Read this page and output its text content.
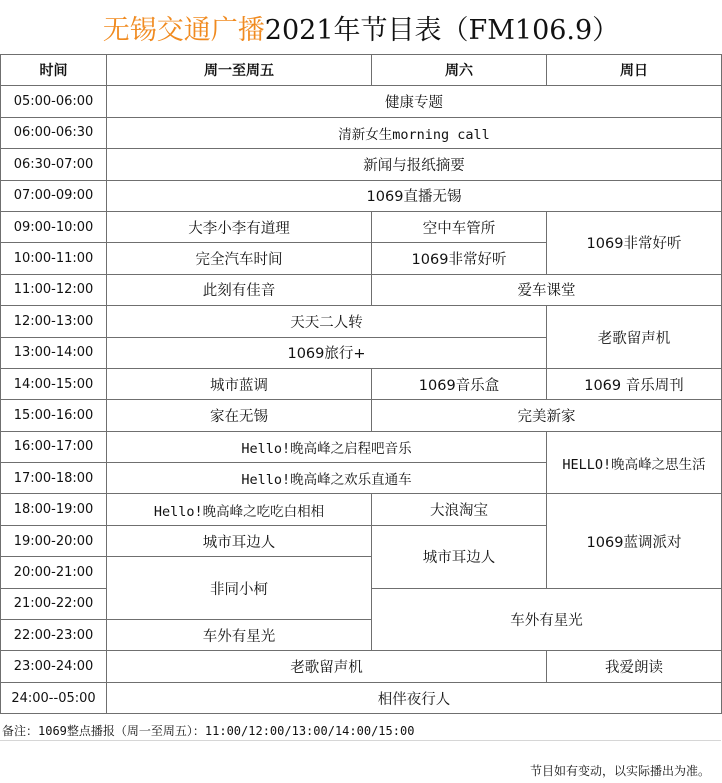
无锡交通广播 2021年节目表（FM106.9）
时间	周一至周五	周六	周日
05:00-06:00	健康专题		
06:00-06:30	清新女生morning call		
06:30-07:00	新闻与报纸摘要		
07:00-09:00	1069直播无锡		
09:00-10:00	大李小李有道理	空中车管所	1069非常好听
10:00-11:00	完全汽车时间	1069非常好听	
11:00-12:00	此刻有佳音	爱车课堂	
12:00-13:00	天天二人转		老歌留声机
13:00-14:00	1069旅行+		
14:00-15:00	城市蓝调	1069音乐盒	1069 音乐周刊
15:00-16:00	家在无锡	完美新家	
16:00-17:00	Hello!晚高峰之启程吧音乐		HELLO!晚高峰之思生活
17:00-18:00	Hello!晚高峰之欢乐直通车		
18:00-19:00	Hello!晚高峰之吃吃白相相	大浪淘宝	1069蓝调派对
19:00-20:00	城市耳边人	城市耳边人	
20:00-21:00	非同小柯		
21:00-22:00		车外有星光	
22:00-23:00	车外有星光		
23:00-24:00	老歌留声机		我爱朗读
24:00--05:00	相伴夜行人		
备注：1069整点播报（周一至周五）：11:00/12:00/13:00/14:00/15:00
节目如有变动，以实际播出为准。
